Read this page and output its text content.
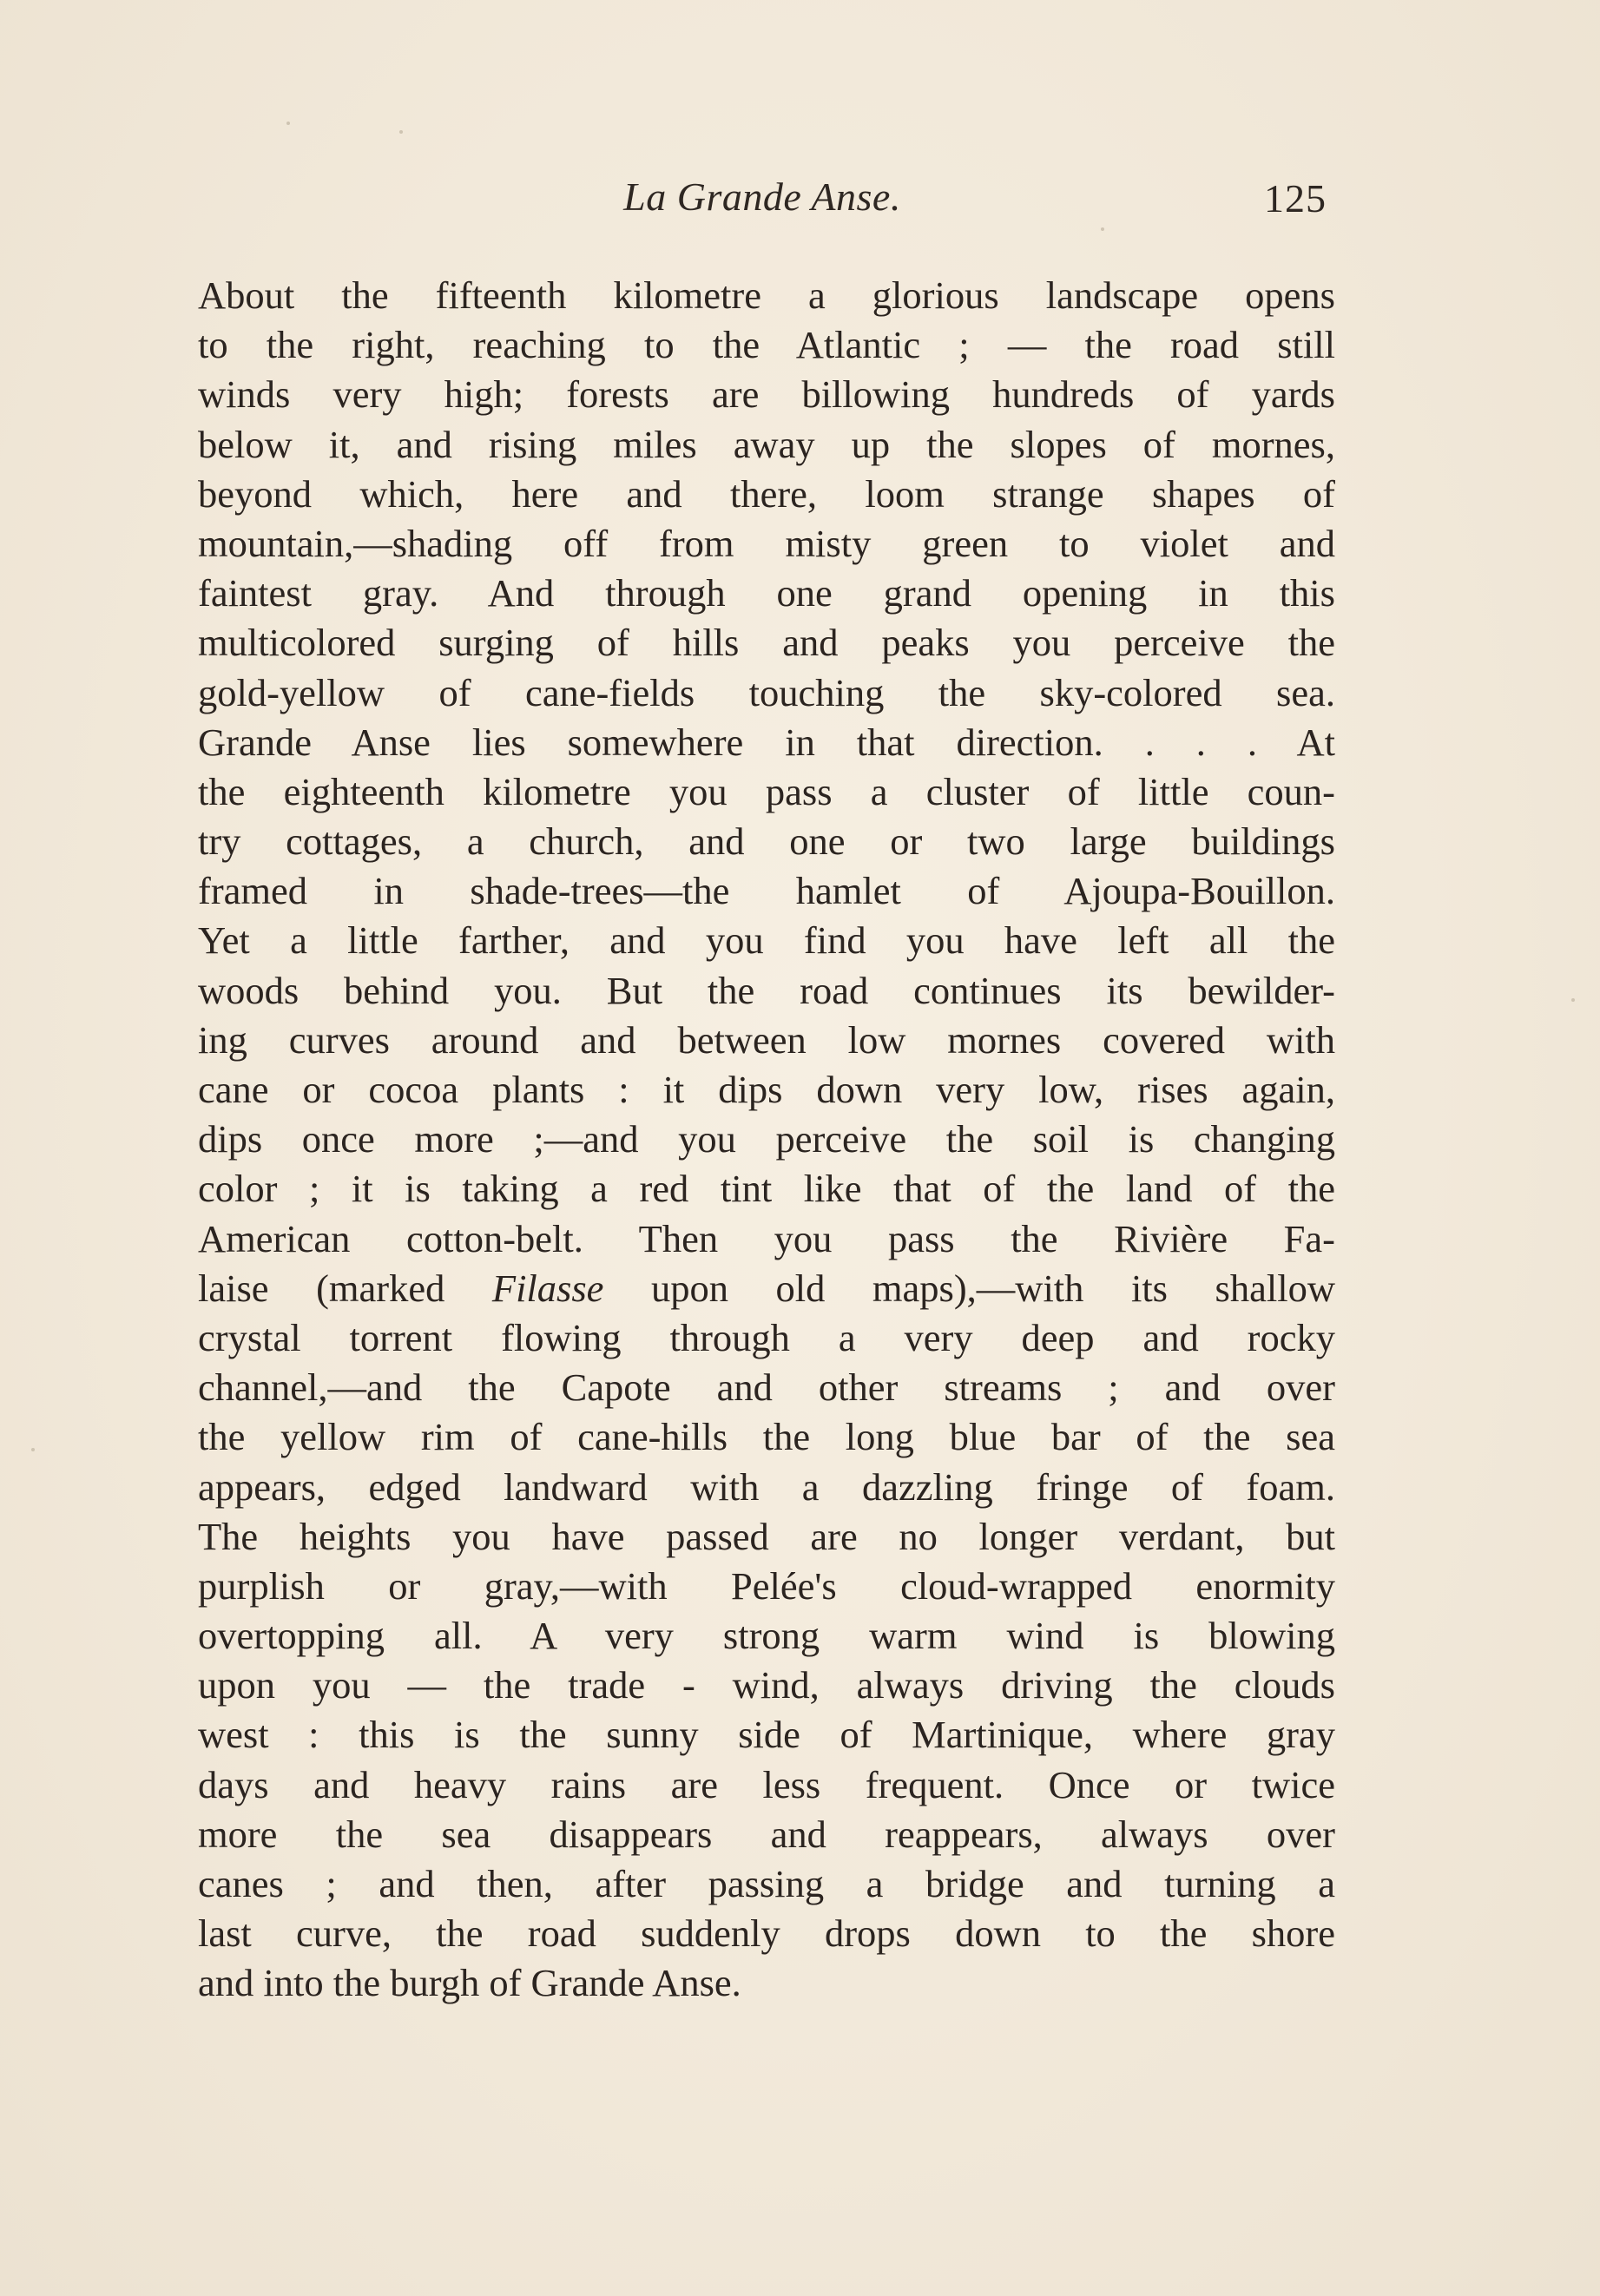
La Grande Anse.	125
About the fifteenth kilometre a glorious landscape opens
to the right, reaching to the Atlantic ; — the road still
winds very high; forests are billowing hundreds of yards
below it, and rising miles away up the slopes of mornes,
beyond which, here and there, loom strange shapes of
mountain,—shading off from misty green to violet and
faintest gray. And through one grand opening in this
multicolored surging of hills and peaks you perceive the
gold-yellow of cane-fields touching the sky-colored sea.
Grande Anse lies somewhere in that direction. . . . At
the eighteenth kilometre you pass a cluster of little coun-
try cottages, a church, and one or two large buildings
framed in shade-trees—the hamlet of Ajoupa-Bouillon.
Yet a little farther, and you find you have left all the
woods behind you. But the road continues its bewilder-
ing curves around and between low mornes covered with
cane or cocoa plants : it dips down very low, rises again,
dips once more ;—and you perceive the soil is changing
color ; it is taking a red tint like that of the land of the
American cotton-belt. Then you pass the Rivière Fa-
laise (marked Filasse upon old maps),—with its shallow
crystal torrent flowing through a very deep and rocky
channel,—and the Capote and other streams ; and over
the yellow rim of cane-hills the long blue bar of the sea
appears, edged landward with a dazzling fringe of foam.
The heights you have passed are no longer verdant, but
purplish or gray,—with Pelée's cloud-wrapped enormity
overtopping all. A very strong warm wind is blowing
upon you — the trade - wind, always driving the clouds
west : this is the sunny side of Martinique, where gray
days and heavy rains are less frequent. Once or twice
more the sea disappears and reappears, always over
canes ; and then, after passing a bridge and turning a
last curve, the road suddenly drops down to the shore
and into the burgh of Grande Anse.
